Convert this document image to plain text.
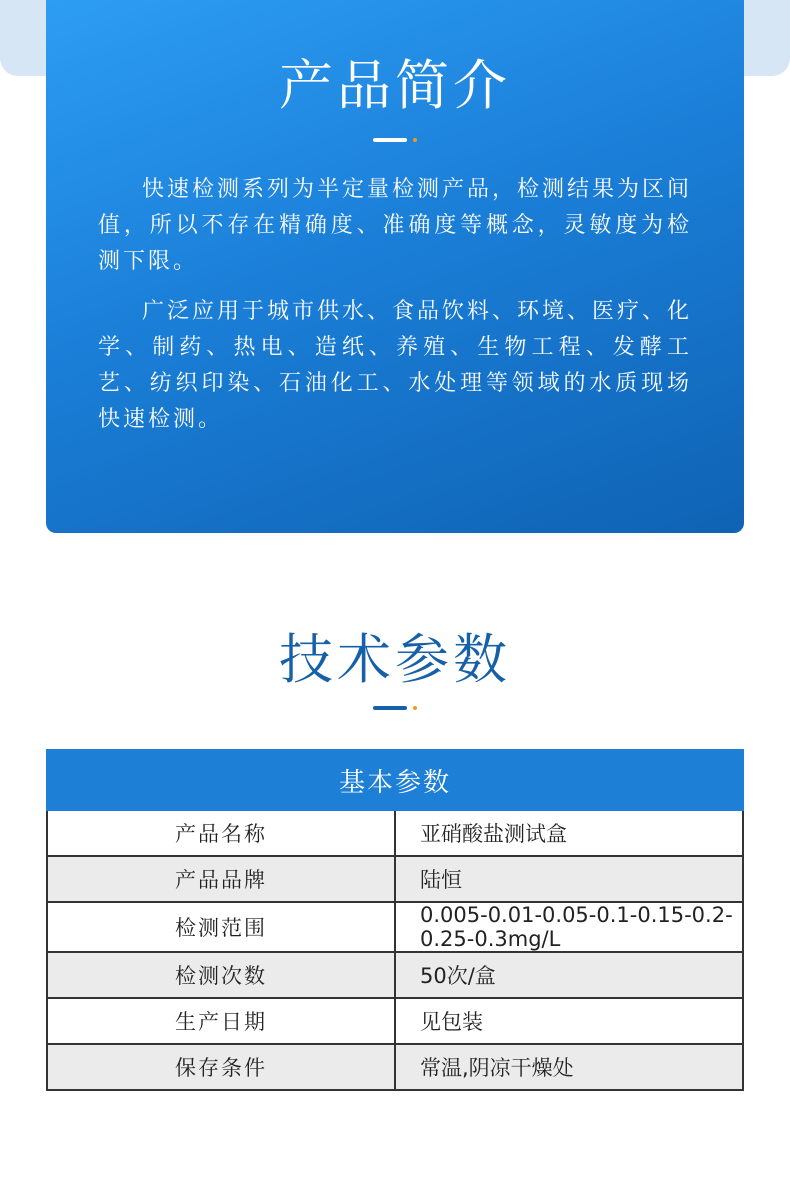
产品简介

快速检测系列为半定量检测产品，检测结果为区间值，所以不存在精确度、准确度等概念，灵敏度为检测下限。

广泛应用于城市供水、食品饮料、环境、医疗、化学、制药、热电、造纸、养殖、生物工程、发酵工艺、纺织印染、石油化工、水处理等领域的水质现场快速检测。

技术参数
基本参数	
产品名称	亚硝酸盐测试盒
产品品牌	陆恒
检测范围	0.005-0.01-0.05-0.1-0.15-0.2-0.25-0.3mg/L
检测次数	50次/盒
生产日期	见包装
保存条件	常温,阴凉干燥处
